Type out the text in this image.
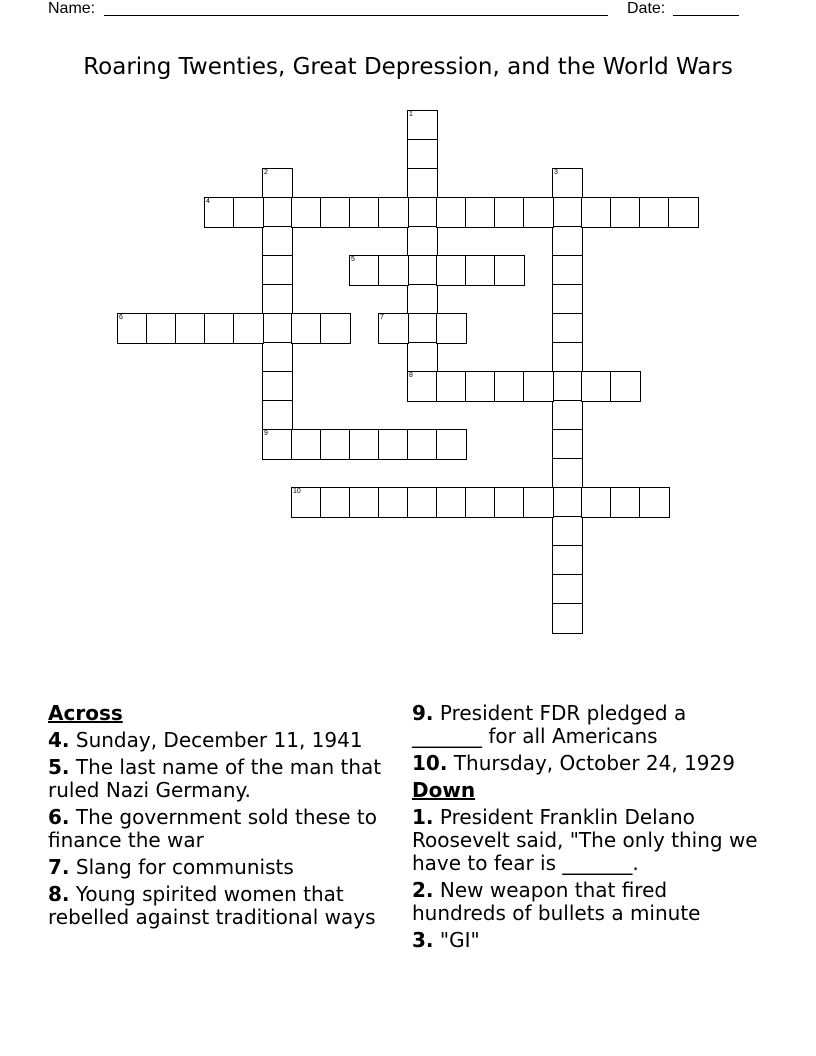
Name:	Date:
Roaring Twenties, Great Depression, and the World Wars
1
8
2
9
3
4
5
6	7
10
Across
4. Sunday, December 11, 1941
5. The last name of the man that ruled Nazi Germany.
6. The government sold these to finance the war
7. Slang for communists
8. Young spirited women that rebelled against traditional ways
9. President FDR pledged a _______ for all Americans
10. Thursday, October 24, 1929
Down
1. President Franklin Delano Roosevelt said, "The only thing we have to fear is _______.
2. New weapon that fired hundreds of bullets a minute
3. "GI"
